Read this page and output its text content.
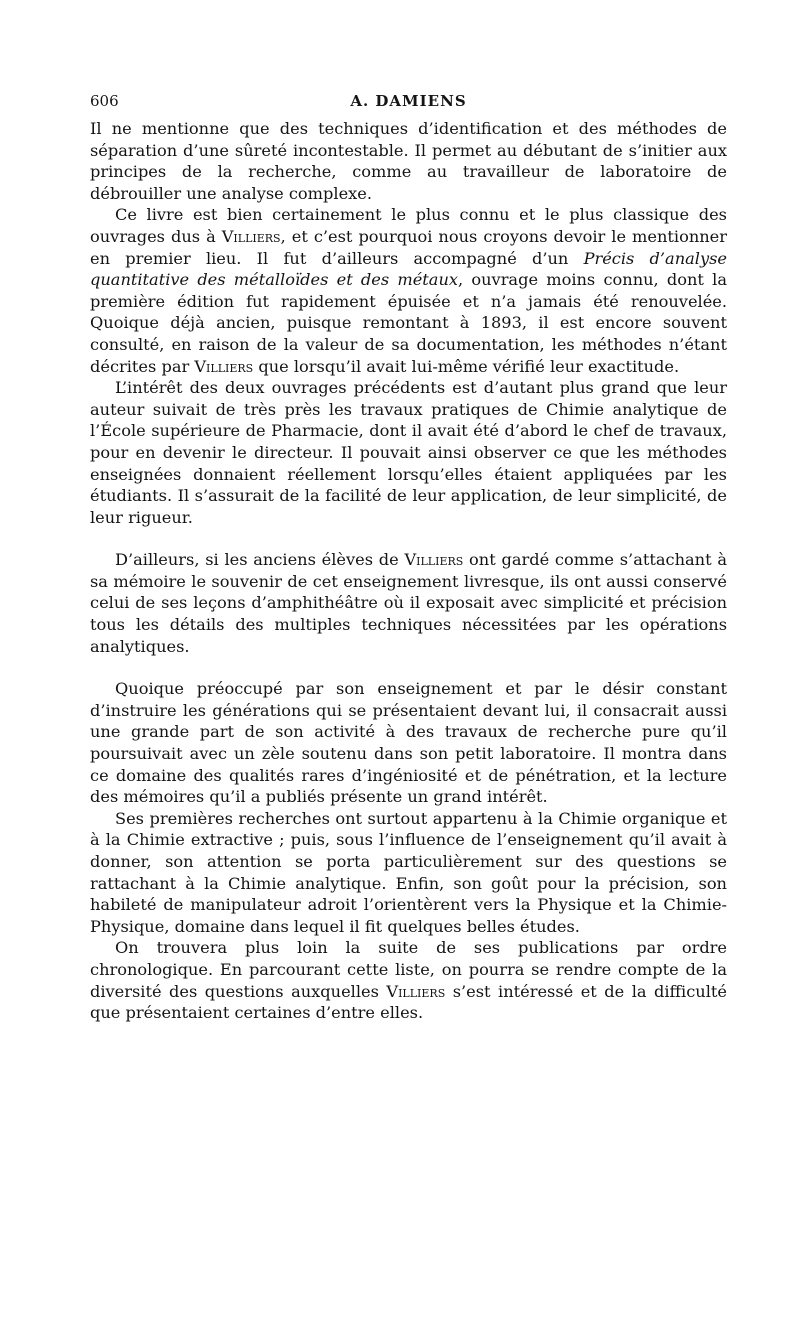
606	A. DAMIENS

Il ne mentionne que des techniques d’identification et des méthodes de séparation d’une sûreté incontestable. Il permet au débutant de s’initier aux principes de la recherche, comme au travailleur de laboratoire de débrouiller une analyse complexe.

Ce livre est bien certainement le plus connu et le plus classique des ouvrages dus à Villiers, et c’est pourquoi nous croyons devoir le mentionner en premier lieu. Il fut d’ailleurs accompagné d’un Précis d’analyse quantitative des métalloïdes et des métaux, ouvrage moins connu, dont la première édition fut rapidement épuisée et n’a jamais été renouvelée. Quoique déjà ancien, puisque remontant à 1893, il est encore souvent consulté, en raison de la valeur de sa documentation, les méthodes n’étant décrites par Villiers que lorsqu’il avait lui-même vérifié leur exactitude.

L’intérêt des deux ouvrages précédents est d’autant plus grand que leur auteur suivait de très près les travaux pratiques de Chimie analytique de l’École supérieure de Pharmacie, dont il avait été d’abord le chef de travaux, pour en devenir le directeur. Il pouvait ainsi observer ce que les méthodes enseignées donnaient réellement lorsqu’elles étaient appliquées par les étudiants. Il s’assurait de la facilité de leur application, de leur simplicité, de leur rigueur.

D’ailleurs, si les anciens élèves de Villiers ont gardé comme s’attachant à sa mémoire le souvenir de cet enseignement livresque, ils ont aussi conservé celui de ses leçons d’amphithéâtre où il exposait avec simplicité et précision tous les détails des multiples techniques nécessitées par les opérations analytiques.

Quoique préoccupé par son enseignement et par le désir constant d’instruire les générations qui se présentaient devant lui, il consacrait aussi une grande part de son activité à des travaux de recherche pure qu’il poursuivait avec un zèle soutenu dans son petit laboratoire. Il montra dans ce domaine des qualités rares d’ingéniosité et de pénétration, et la lecture des mémoires qu’il a publiés présente un grand intérêt.

Ses premières recherches ont surtout appartenu à la Chimie organique et à la Chimie extractive ; puis, sous l’influence de l’enseignement qu’il avait à donner, son attention se porta particulièrement sur des questions se rattachant à la Chimie analytique. Enfin, son goût pour la précision, son habileté de manipulateur adroit l’orientèrent vers la Physique et la Chimie-Physique, domaine dans lequel il fit quelques belles études.

On trouvera plus loin la suite de ses publications par ordre chronologique. En parcourant cette liste, on pourra se rendre compte de la diversité des questions auxquelles Villiers s’est intéressé et de la difficulté que présentaient certaines d’entre elles.
